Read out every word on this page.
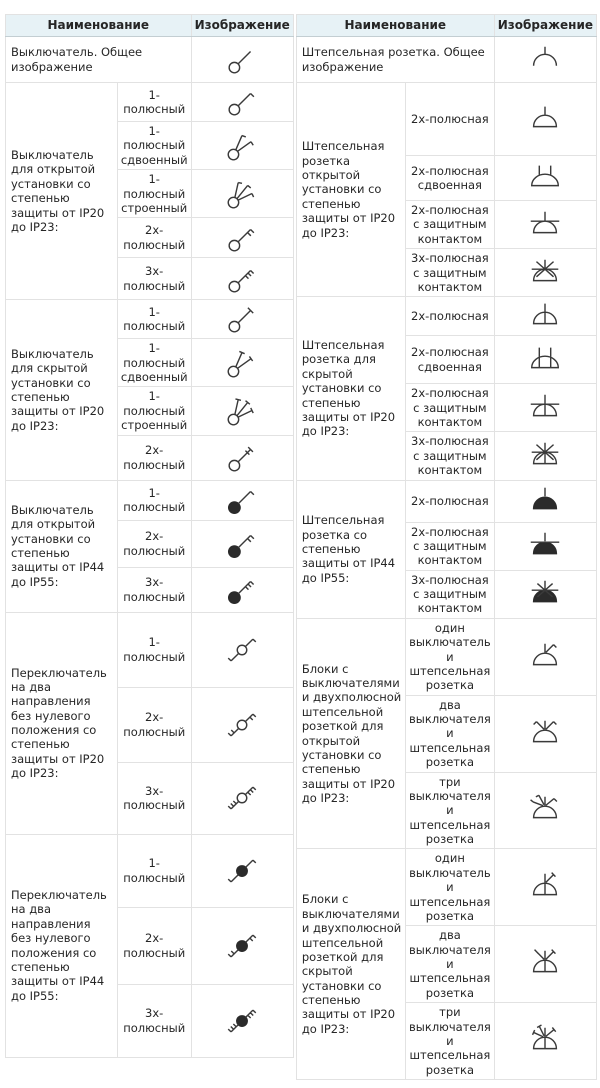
Наименование		Изображение
Выключатель. Общее изображение	
Выключатель для открытой установки со степенью защиты от IP20 до IP23:	1-полюсный	
	1-полюсный сдвоенный	
	1-полюсный строенный	
	2х-полюсный	
	3х-полюсный	
Выключатель для скрытой установки со степенью защиты от IP20 до IP23:	1-полюсный	
	1-полюсный сдвоенный	
	1-полюсный строенный	
	2х-полюсный	
Выключатель для открытой установки со степенью защиты от IP44 до IP55:	1-полюсный	
	2х-полюсный	
	3х-полюсный	
Переключатель на два направления без нулевого положения со степенью защиты от IP20 до IP23:	1-полюсный	
	2х-полюсный	
	3х-полюсный	
Переключатель на два направления без нулевого положения со степенью защиты от IP44 до IP55:	1-полюсный	
	2х-полюсный	
	3х-полюсный	
Наименование		Изображение
Штепсельная розетка. Общее изображение	
Штепсельная розетка открытой установки со степенью защиты от IP20 до IP23:	2х-полюсная	
	2х-полюсная сдвоенная	
	2х-полюсная с защитным контактом	
	3х-полюсная с защитным контактом	
Штепсельная розетка для скрытой установки со степенью защиты от IP20 до IP23:	2х-полюсная	
	2х-полюсная сдвоенная	
	2х-полюсная с защитным контактом	
	3х-полюсная с защитным контактом	
Штепсельная розетка со степенью защиты от IP44 до IP55:	2х-полюсная	
	2х-полюсная с защитным контактом	
	3х-полюсная с защитным контактом	
Блоки с выключателями и двухполюсной штепсельной розеткой для открытой установки со степенью защиты от IP20 до IP23:	один выключатель и штепсельная розетка	
	два выключателя и штепсельная розетка	
	три выключателя и штепсельная розетка	
Блоки с выключателями и двухполюсной штепсельной розеткой для скрытой установки со степенью защиты от IP20 до IP23:	один выключатель и штепсельная розетка	
	два выключателя и штепсельная розетка	
	три выключателя и штепсельная розетка	
